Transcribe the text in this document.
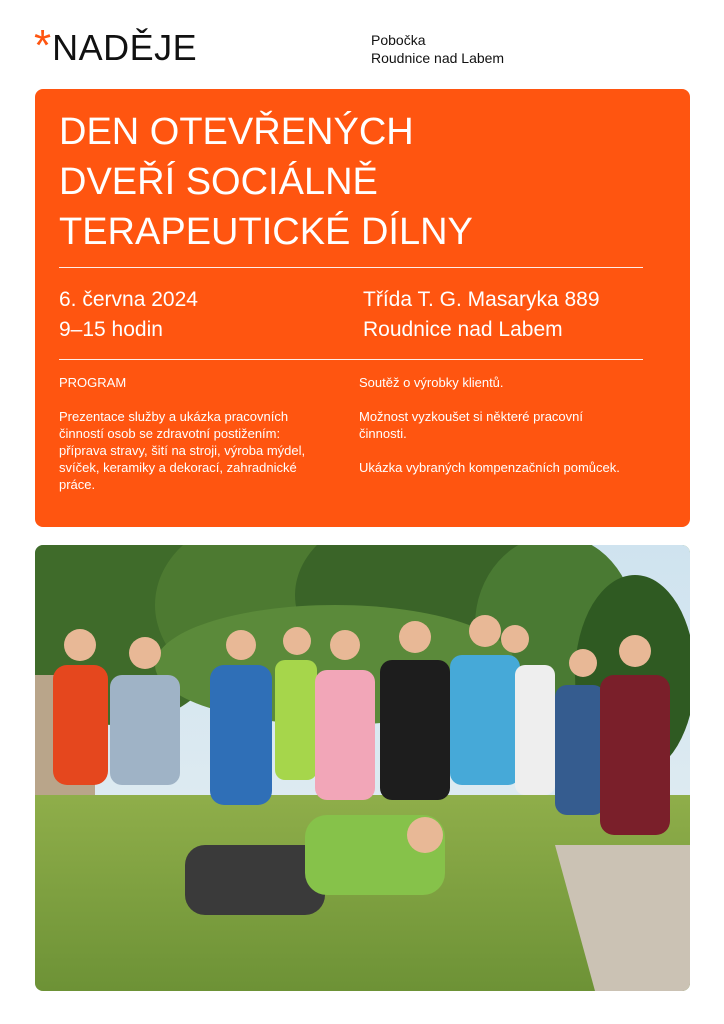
* NADĚJE	Pobočka
Roudnice nad Labem
DEN OTEVŘENÝCH
DVEŘÍ SOCIÁLNĚ
TERAPEUTICKÉ DÍLNY
6. června 2024
9–15 hodin
Třída T. G. Masaryka 889
Roudnice nad Labem

PROGRAM

Prezentace služby a ukázka pracovních činností osob se zdravotní postižením: příprava stravy, šití na stroji, výroba mýdel, svíček, keramiky a dekorací, zahradnické práce.

Soutěž o výrobky klientů.

Možnost vyzkoušet si některé pracovní činnosti.

Ukázka vybraných kompenzačních pomůcek.
